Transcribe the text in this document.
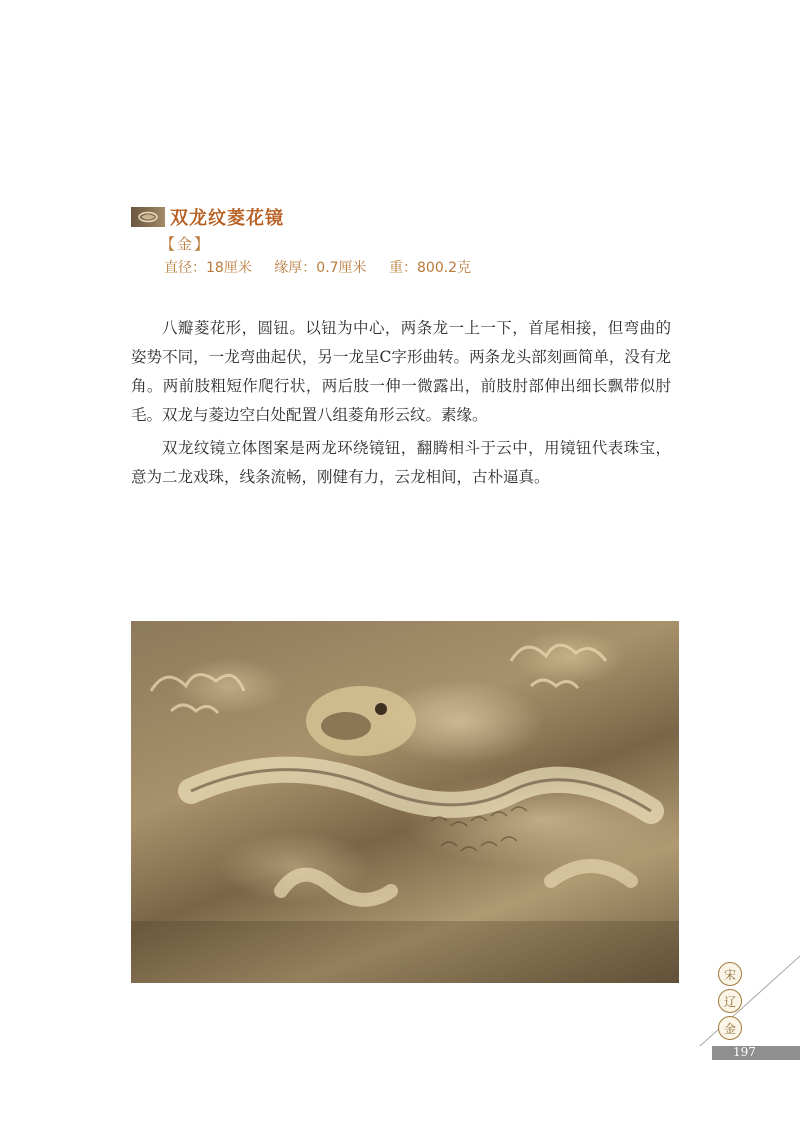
双龙纹菱花镜
【金】
直径：18厘米 缘厚：0.7厘米 重：800.2克

八瓣菱花形，圆钮。以钮为中心，两条龙一上一下，首尾相接，但弯曲的姿势不同，一龙弯曲起伏，另一龙呈C字形曲转。两条龙头部刻画简单，没有龙角。两前肢粗短作爬行状，两后肢一伸一微露出，前肢肘部伸出细长飘带似肘毛。双龙与菱边空白处配置八组菱角形云纹。素缘。

双龙纹镜立体图案是两龙环绕镜钮，翻腾相斗于云中，用镜钮代表珠宝，意为二龙戏珠，线条流畅，刚健有力，云龙相间，古朴逼真。

宋
辽
金
197
